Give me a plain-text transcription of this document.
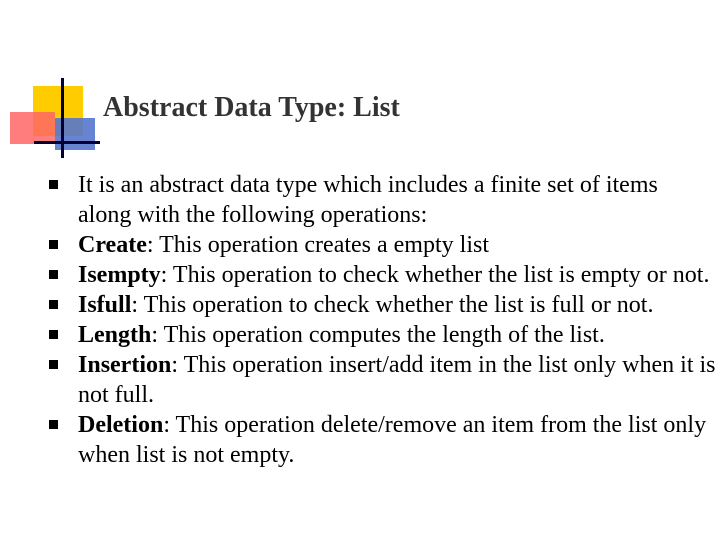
Abstract Data Type: List
It is an abstract data type which includes a finite set of items along with the following operations:
Create: This operation creates a empty list
Isempty: This operation to check whether the list is empty or not.
Isfull: This operation to check whether the list is full or not.
Length: This operation computes the length of the list.
Insertion: This operation insert/add item in the list only when it is not full.
Deletion: This operation delete/remove an item from the list only when list is not empty.
